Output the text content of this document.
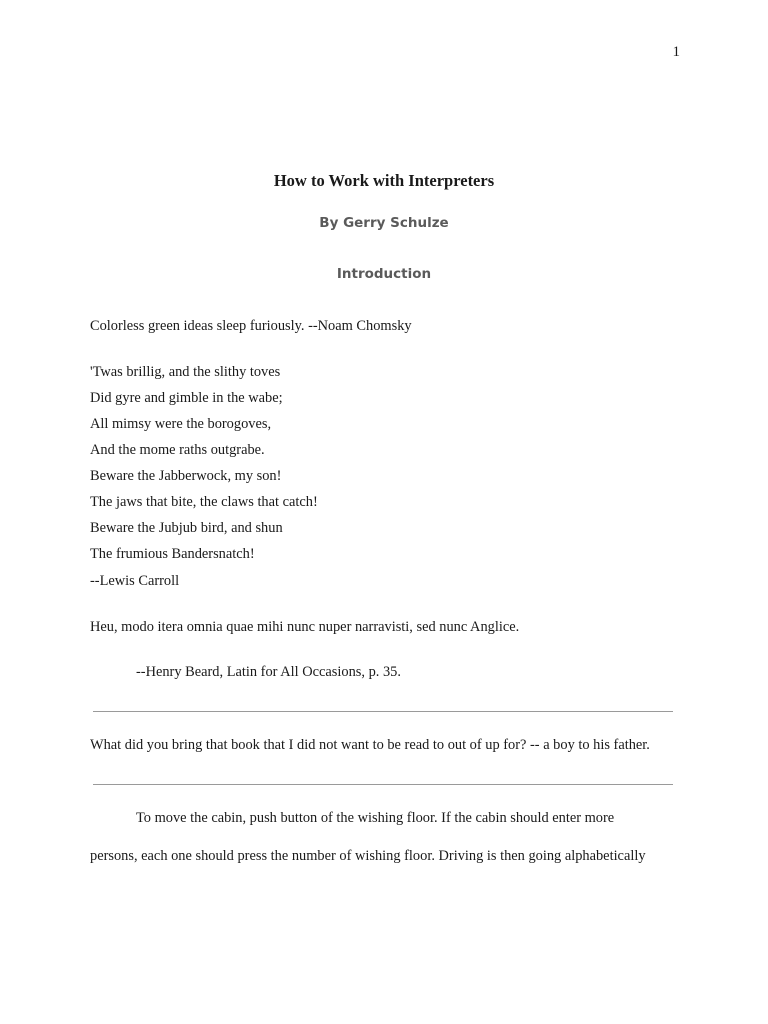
1
How to Work with Interpreters
By Gerry Schulze
Introduction
Colorless green ideas sleep furiously. --Noam Chomsky
'Twas brillig, and the slithy toves
Did gyre and gimble in the wabe;
All mimsy were the borogoves,
And the mome raths outgrabe.
Beware the Jabberwock, my son!
The jaws that bite, the claws that catch!
Beware the Jubjub bird, and shun
The frumious Bandersnatch!
--Lewis Carroll
Heu, modo itera omnia quae mihi nunc nuper narravisti, sed nunc Anglice.
--Henry Beard, Latin for All Occasions, p. 35.
What did you bring that book that I did not want to be read to out of up for? -- a boy to his father.
To move the cabin, push button of the wishing floor. If the cabin should enter more
persons, each one should press the number of wishing floor. Driving is then going alphabetically
